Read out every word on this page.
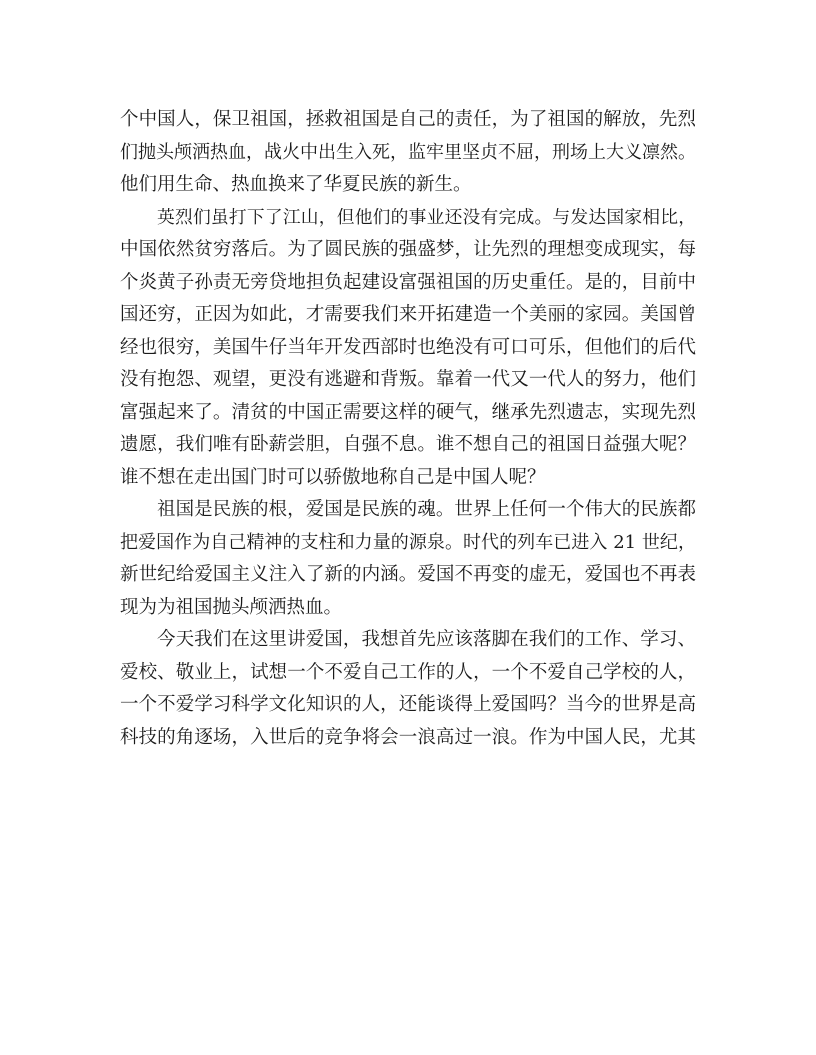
个中国人，保卫祖国，拯救祖国是自己的责任，为了祖国的解放，先烈
们抛头颅洒热血，战火中出生入死，监牢里坚贞不屈，刑场上大义凛然。
他们用生命、热血换来了华夏民族的新生。
英烈们虽打下了江山，但他们的事业还没有完成。与发达国家相比，
中国依然贫穷落后。为了圆民族的强盛梦，让先烈的理想变成现实，每
个炎黄子孙责无旁贷地担负起建设富强祖国的历史重任。是的，目前中
国还穷，正因为如此，才需要我们来开拓建造一个美丽的家园。美国曾
经也很穷，美国牛仔当年开发西部时也绝没有可口可乐，但他们的后代
没有抱怨、观望，更没有逃避和背叛。靠着一代又一代人的努力，他们
富强起来了。清贫的中国正需要这样的硬气，继承先烈遗志，实现先烈
遗愿，我们唯有卧薪尝胆，自强不息。谁不想自己的祖国日益强大呢？
谁不想在走出国门时可以骄傲地称自己是中国人呢？
祖国是民族的根，爱国是民族的魂。世界上任何一个伟大的民族都
把爱国作为自己精神的支柱和力量的源泉。时代的列车已进入 21 世纪，
新世纪给爱国主义注入了新的内涵。爱国不再变的虚无，爱国也不再表
现为为祖国抛头颅洒热血。
今天我们在这里讲爱国，我想首先应该落脚在我们的工作、学习、
爱校、敬业上，试想一个不爱自己工作的人，一个不爱自己学校的人，
一个不爱学习科学文化知识的人，还能谈得上爱国吗？当今的世界是高
科技的角逐场，入世后的竞争将会一浪高过一浪。作为中国人民，尤其
